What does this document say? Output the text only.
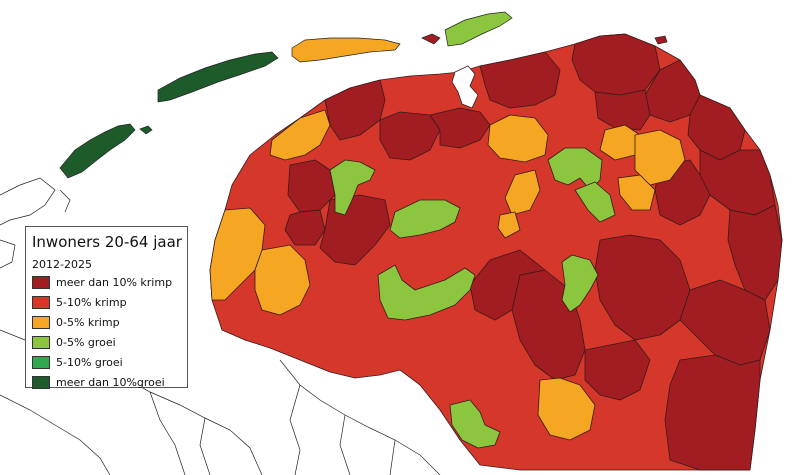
Inwoners 20-64 jaar
2012-2025
meer dan 10% krimp
5-10% krimp
0-5% krimp
0-5% groei
5-10% groei
meer dan 10%groei
